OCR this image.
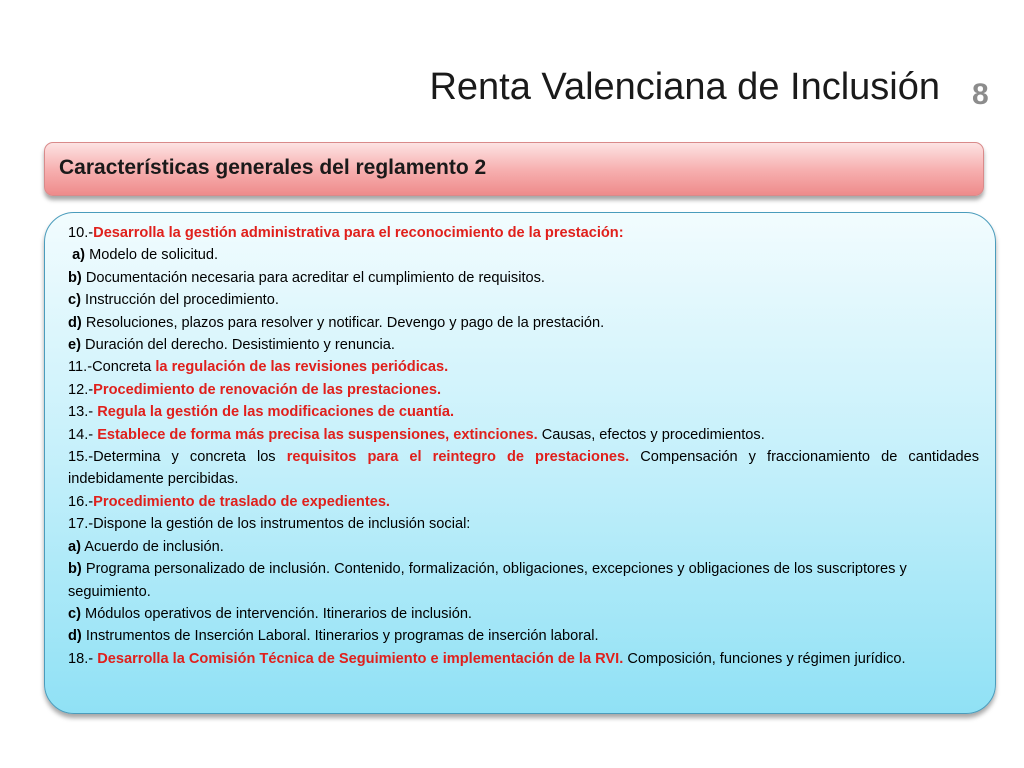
Renta Valenciana de Inclusión 8
Características generales del reglamento 2

10.-Desarrolla la gestión administrativa para el reconocimiento de la prestación:

a) Modelo de solicitud.

b) Documentación necesaria para acreditar el cumplimiento de requisitos.

c) Instrucción del procedimiento.

d) Resoluciones, plazos para resolver y notificar. Devengo y pago de la prestación.

e) Duración del derecho. Desistimiento y renuncia.

11.-Concreta la regulación de las revisiones periódicas.

12.-Procedimiento de renovación de las prestaciones.

13.- Regula la gestión de las modificaciones de cuantía.

14.- Establece de forma más precisa las suspensiones, extinciones. Causas, efectos y procedimientos.

15.-Determina y concreta los requisitos para el reintegro de prestaciones. Compensación y fraccionamiento de cantidades indebidamente percibidas.

16.-Procedimiento de traslado de expedientes.

17.-Dispone la gestión de los instrumentos de inclusión social:

a) Acuerdo de inclusión.

b) Programa personalizado de inclusión. Contenido, formalización, obligaciones, excepciones y obligaciones de los suscriptores y seguimiento.

c) Módulos operativos de intervención. Itinerarios de inclusión.

d) Instrumentos de Inserción Laboral. Itinerarios y programas de inserción laboral.

18.- Desarrolla la Comisión Técnica de Seguimiento e implementación de la RVI. Composición, funciones y régimen jurídico.
